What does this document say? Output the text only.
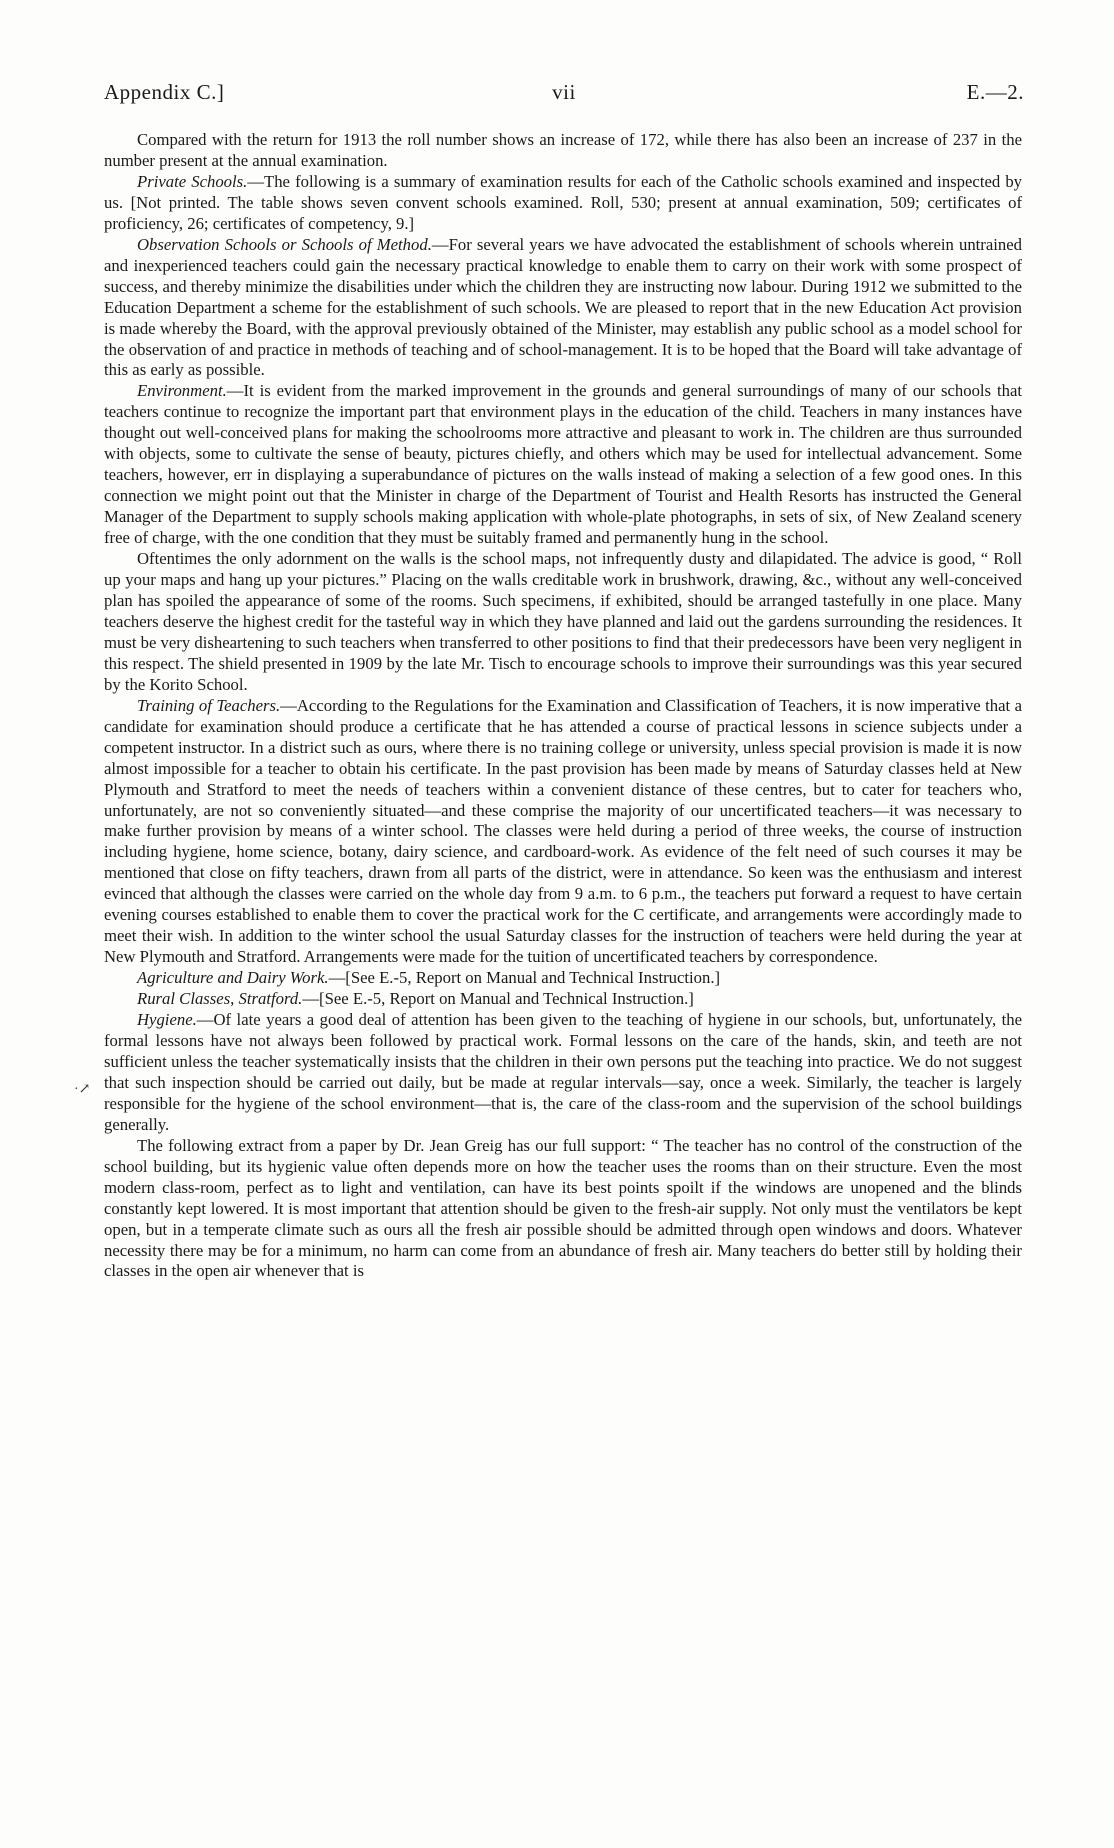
Appendix C.]	vii	E.—2.
·↗

Compared with the return for 1913 the roll number shows an increase of 172, while there has also been an increase of 237 in the number present at the annual examination.

Private Schools.—The following is a summary of examination results for each of the Catholic schools examined and inspected by us. [Not printed. The table shows seven convent schools examined. Roll, 530; present at annual examination, 509; certificates of proficiency, 26; certificates of competency, 9.]

Observation Schools or Schools of Method.—For several years we have advocated the establishment of schools wherein untrained and inexperienced teachers could gain the necessary practical knowledge to enable them to carry on their work with some prospect of success, and thereby minimize the disabilities under which the children they are instructing now labour. During 1912 we submitted to the Education Department a scheme for the establishment of such schools. We are pleased to report that in the new Education Act provision is made whereby the Board, with the approval previously obtained of the Minister, may establish any public school as a model school for the observation of and practice in methods of teaching and of school-management. It is to be hoped that the Board will take advantage of this as early as possible.

Environment.—It is evident from the marked improvement in the grounds and general surroundings of many of our schools that teachers continue to recognize the important part that environment plays in the education of the child. Teachers in many instances have thought out well-conceived plans for making the schoolrooms more attractive and pleasant to work in. The children are thus surrounded with objects, some to cultivate the sense of beauty, pictures chiefly, and others which may be used for intellectual advancement. Some teachers, however, err in displaying a superabundance of pictures on the walls instead of making a selection of a few good ones. In this connection we might point out that the Minister in charge of the Department of Tourist and Health Resorts has instructed the General Manager of the Department to supply schools making application with whole-plate photographs, in sets of six, of New Zealand scenery free of charge, with the one condition that they must be suitably framed and permanently hung in the school.

Oftentimes the only adornment on the walls is the school maps, not infrequently dusty and dilapidated. The advice is good, “ Roll up your maps and hang up your pictures.” Placing on the walls creditable work in brushwork, drawing, &c., without any well-conceived plan has spoiled the appearance of some of the rooms. Such specimens, if exhibited, should be arranged tastefully in one place. Many teachers deserve the highest credit for the tasteful way in which they have planned and laid out the gardens surrounding the residences. It must be very disheartening to such teachers when transferred to other positions to find that their predecessors have been very negligent in this respect. The shield presented in 1909 by the late Mr. Tisch to encourage schools to improve their surroundings was this year secured by the Korito School.

Training of Teachers.—According to the Regulations for the Examination and Classification of Teachers, it is now imperative that a candidate for examination should produce a certificate that he has attended a course of practical lessons in science subjects under a competent instructor. In a district such as ours, where there is no training college or university, unless special provision is made it is now almost impossible for a teacher to obtain his certificate. In the past provision has been made by means of Saturday classes held at New Plymouth and Stratford to meet the needs of teachers within a convenient distance of these centres, but to cater for teachers who, unfortunately, are not so conveniently situated—and these comprise the majority of our uncertificated teachers—it was necessary to make further provision by means of a winter school. The classes were held during a period of three weeks, the course of instruction including hygiene, home science, botany, dairy science, and cardboard-work. As evidence of the felt need of such courses it may be mentioned that close on fifty teachers, drawn from all parts of the district, were in attendance. So keen was the enthusiasm and interest evinced that although the classes were carried on the whole day from 9 a.m. to 6 p.m., the teachers put forward a request to have certain evening courses established to enable them to cover the practical work for the C certificate, and arrangements were accordingly made to meet their wish. In addition to the winter school the usual Saturday classes for the instruction of teachers were held during the year at New Plymouth and Stratford. Arrangements were made for the tuition of uncertificated teachers by correspondence.

Agriculture and Dairy Work.—[See E.-5, Report on Manual and Technical Instruction.]

Rural Classes, Stratford.—[See E.-5, Report on Manual and Technical Instruction.]

Hygiene.—Of late years a good deal of attention has been given to the teaching of hygiene in our schools, but, unfortunately, the formal lessons have not always been followed by practical work. Formal lessons on the care of the hands, skin, and teeth are not sufficient unless the teacher systematically insists that the children in their own persons put the teaching into practice. We do not suggest that such inspection should be carried out daily, but be made at regular intervals—say, once a week. Similarly, the teacher is largely responsible for the hygiene of the school environment—that is, the care of the class-room and the supervision of the school buildings generally.

The following extract from a paper by Dr. Jean Greig has our full support: “ The teacher has no control of the construction of the school building, but its hygienic value often depends more on how the teacher uses the rooms than on their structure. Even the most modern class-room, perfect as to light and ventilation, can have its best points spoilt if the windows are unopened and the blinds constantly kept lowered. It is most important that attention should be given to the fresh-air supply. Not only must the ventilators be kept open, but in a temperate climate such as ours all the fresh air possible should be admitted through open windows and doors. Whatever necessity there may be for a minimum, no harm can come from an abundance of fresh air. Many teachers do better still by holding their classes in the open air whenever that is
